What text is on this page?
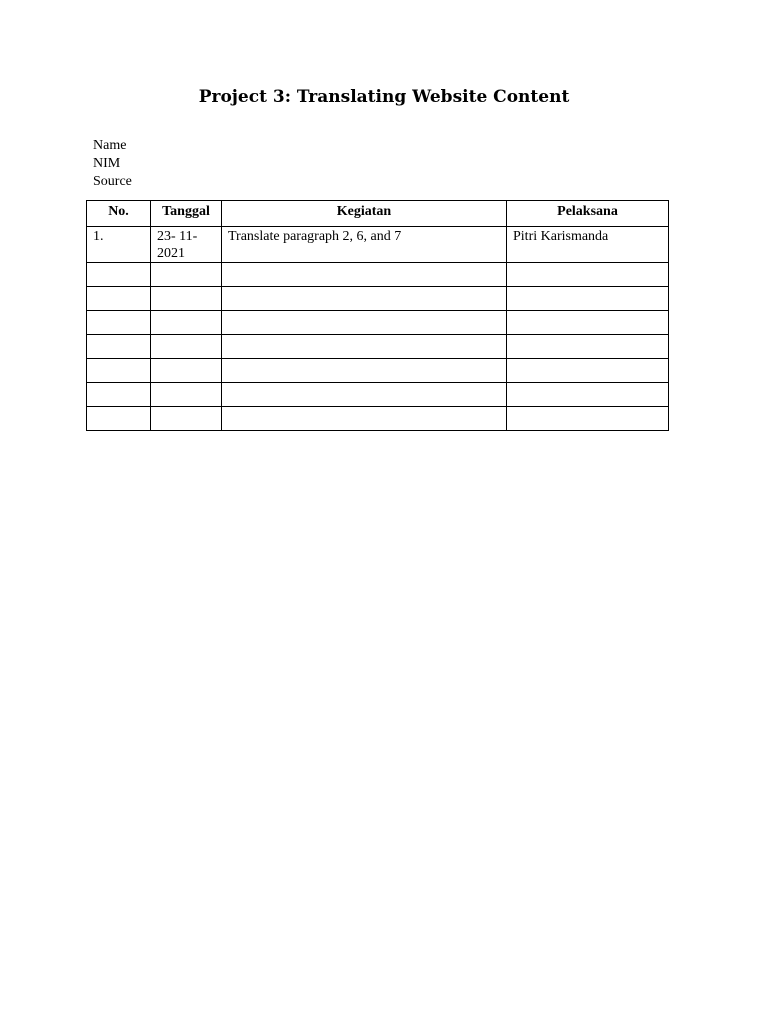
Project 3: Translating Website Content
Name
NIM
Source
No.	Tanggal	Kegiatan	Pelaksana
1.	23- 11-2021	Translate paragraph 2, 6, and 7	Pitri Karismanda
